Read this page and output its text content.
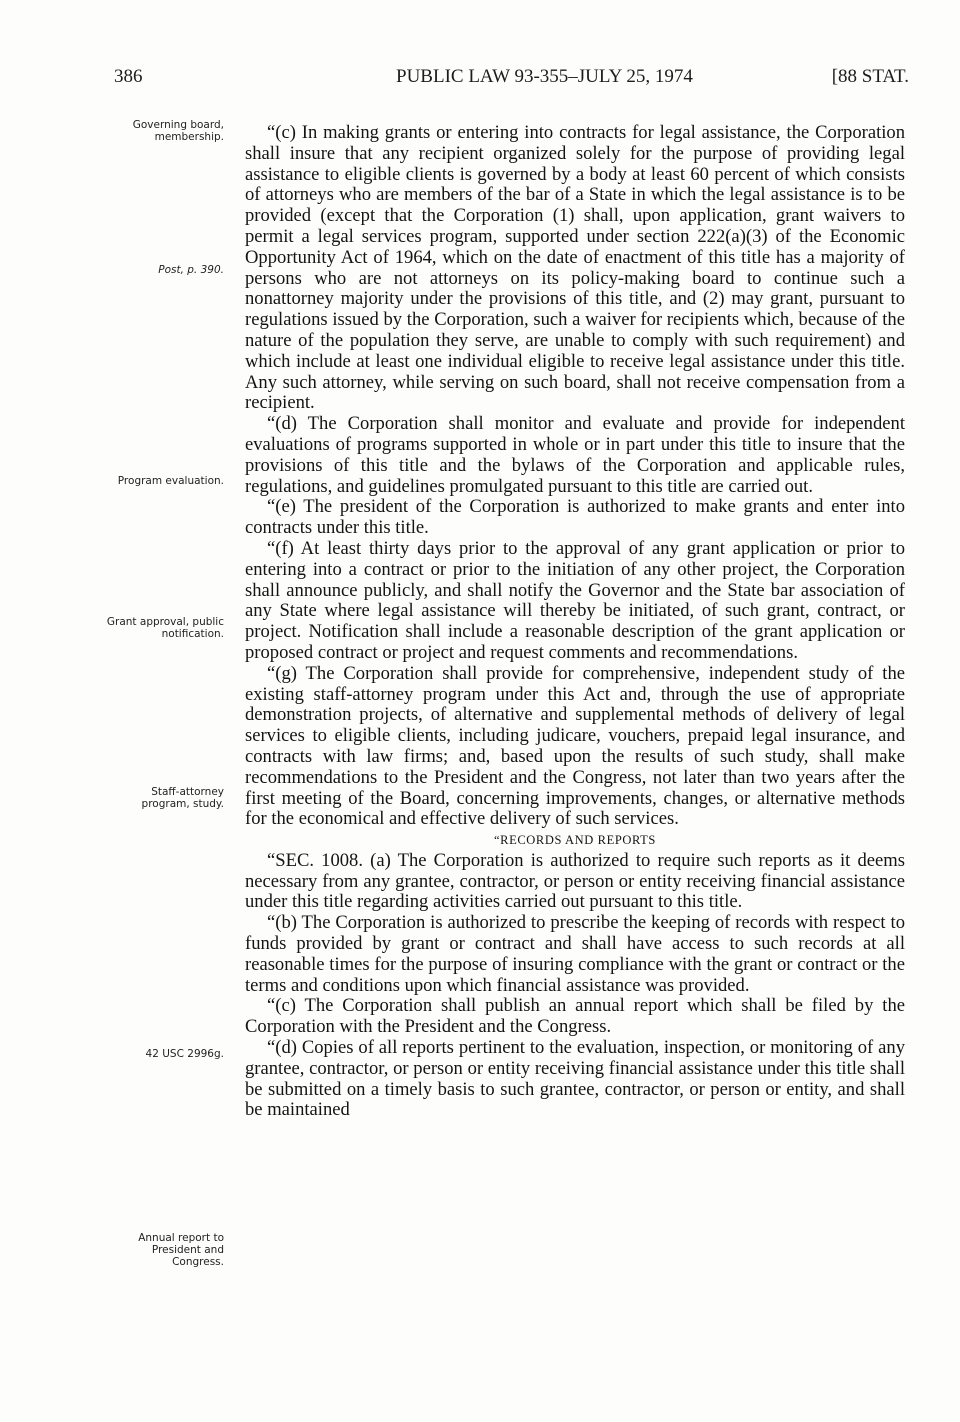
386	PUBLIC LAW 93-355–JULY 25, 1974	[88 STAT.
Governing board, membership.
Post, p. 390.
Program evaluation.
Grant approval, public notification.
Staff-attorney program, study.
42 USC 2996g.
Annual report to President and Congress.

“(c) In making grants or entering into contracts for legal assistance, the Corporation shall insure that any recipient organized solely for the purpose of providing legal assistance to eligible clients is governed by a body at least 60 percent of which consists of attorneys who are members of the bar of a State in which the legal assistance is to be provided (except that the Corporation (1) shall, upon application, grant waivers to permit a legal services program, supported under section 222(a)(3) of the Economic Opportunity Act of 1964, which on the date of enactment of this title has a majority of persons who are not attorneys on its policy-making board to continue such a nonattorney majority under the provisions of this title, and (2) may grant, pursuant to regulations issued by the Corporation, such a waiver for recipients which, because of the nature of the population they serve, are unable to comply with such requirement) and which include at least one individual eligible to receive legal assistance under this title. Any such attorney, while serving on such board, shall not receive compensation from a recipient.

“(d) The Corporation shall monitor and evaluate and provide for independent evaluations of programs supported in whole or in part under this title to insure that the provisions of this title and the bylaws of the Corporation and applicable rules, regulations, and guidelines promulgated pursuant to this title are carried out.

“(e) The president of the Corporation is authorized to make grants and enter into contracts under this title.

“(f) At least thirty days prior to the approval of any grant application or prior to entering into a contract or prior to the initiation of any other project, the Corporation shall announce publicly, and shall notify the Governor and the State bar association of any State where legal assistance will thereby be initiated, of such grant, contract, or project. Notification shall include a reasonable description of the grant application or proposed contract or project and request comments and recommendations.

“(g) The Corporation shall provide for comprehensive, independent study of the existing staff-attorney program under this Act and, through the use of appropriate demonstration projects, of alternative and supplemental methods of delivery of legal services to eligible clients, including judicare, vouchers, prepaid legal insurance, and contracts with law firms; and, based upon the results of such study, shall make recommendations to the President and the Congress, not later than two years after the first meeting of the Board, concerning improvements, changes, or alternative methods for the economical and effective delivery of such services.

“RECORDS AND REPORTS

“SEC. 1008. (a) The Corporation is authorized to require such reports as it deems necessary from any grantee, contractor, or person or entity receiving financial assistance under this title regarding activities carried out pursuant to this title.

“(b) The Corporation is authorized to prescribe the keeping of records with respect to funds provided by grant or contract and shall have access to such records at all reasonable times for the purpose of insuring compliance with the grant or contract or the terms and conditions upon which financial assistance was provided.

“(c) The Corporation shall publish an annual report which shall be filed by the Corporation with the President and the Congress.

“(d) Copies of all reports pertinent to the evaluation, inspection, or monitoring of any grantee, contractor, or person or entity receiving financial assistance under this title shall be submitted on a timely basis to such grantee, contractor, or person or entity, and shall be maintained
